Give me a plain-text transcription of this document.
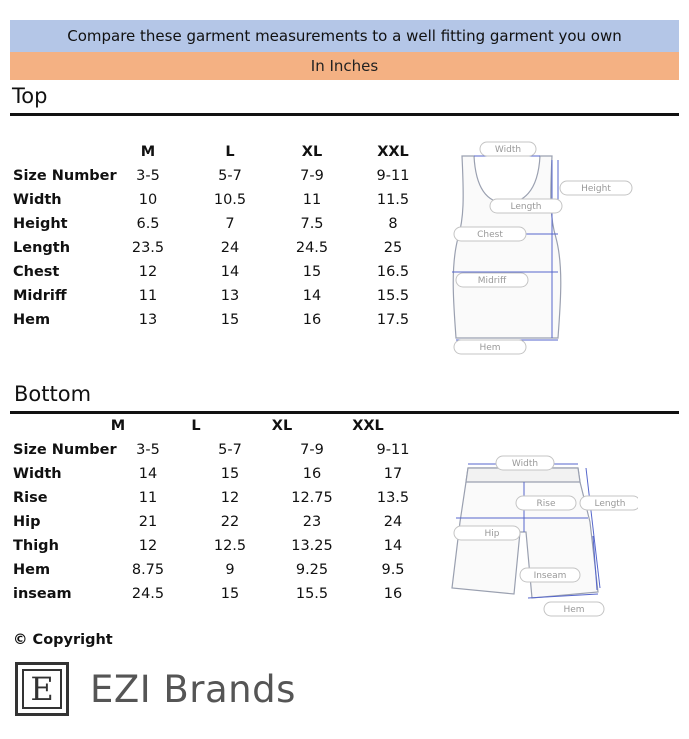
Compare these garment measurements to a well fitting garment you own
In Inches
Top
M	L	XL	XXL
Size Number	3-5	5-7	7-9	9-11
Width	10	10.5	11	11.5
Height	6.5	7	7.5	8
Length	23.5	24	24.5	25
Chest	12	14	15	16.5
Midriff	11	13	14	15.5
Hem	13	15	16	17.5
Width
Height
Length
Chest
Midriff
Hem
Bottom
M	L	XL	XXL
Size Number	3-5	5-7	7-9	9-11
Width	14	15	16	17
Rise	11	12	12.75	13.5
Hip	21	22	23	24
Thigh	12	12.5	13.25	14
Hem	8.75	9	9.25	9.5
inseam	24.5	15	15.5	16
Width
Rise	Length
Hip
Inseam
Hem
© Copyright
E EZI Brands
